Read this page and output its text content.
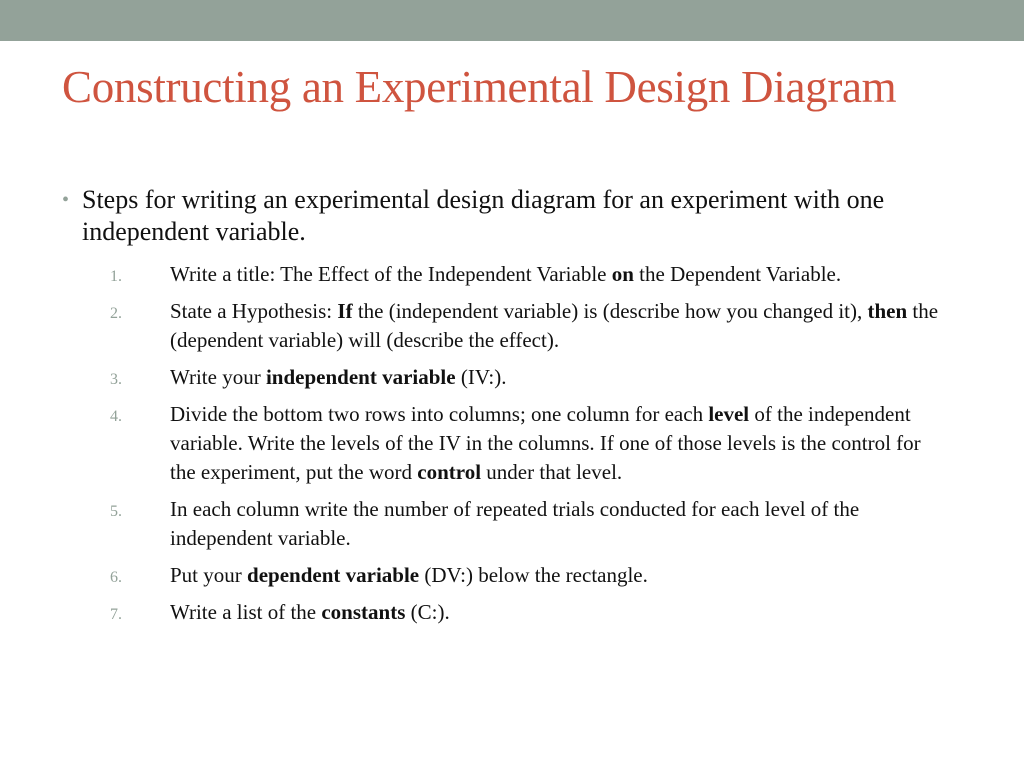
Constructing an Experimental Design Diagram
• Steps for writing an experimental design diagram for an experiment with one independent variable.
1.	Write a title: The Effect of the Independent Variable on the Dependent Variable.
2.	State a Hypothesis: If the (independent variable) is (describe how you changed it), then the (dependent variable) will (describe the effect).
3.	Write your independent variable (IV:).
4.	Divide the bottom two rows into columns; one column for each level of the independent variable. Write the levels of the IV in the columns. If one of those levels is the control for the experiment, put the word control under that level.
5.	In each column write the number of repeated trials conducted for each level of the independent variable.
6.	Put your dependent variable (DV:) below the rectangle.
7.	Write a list of the constants (C:).
